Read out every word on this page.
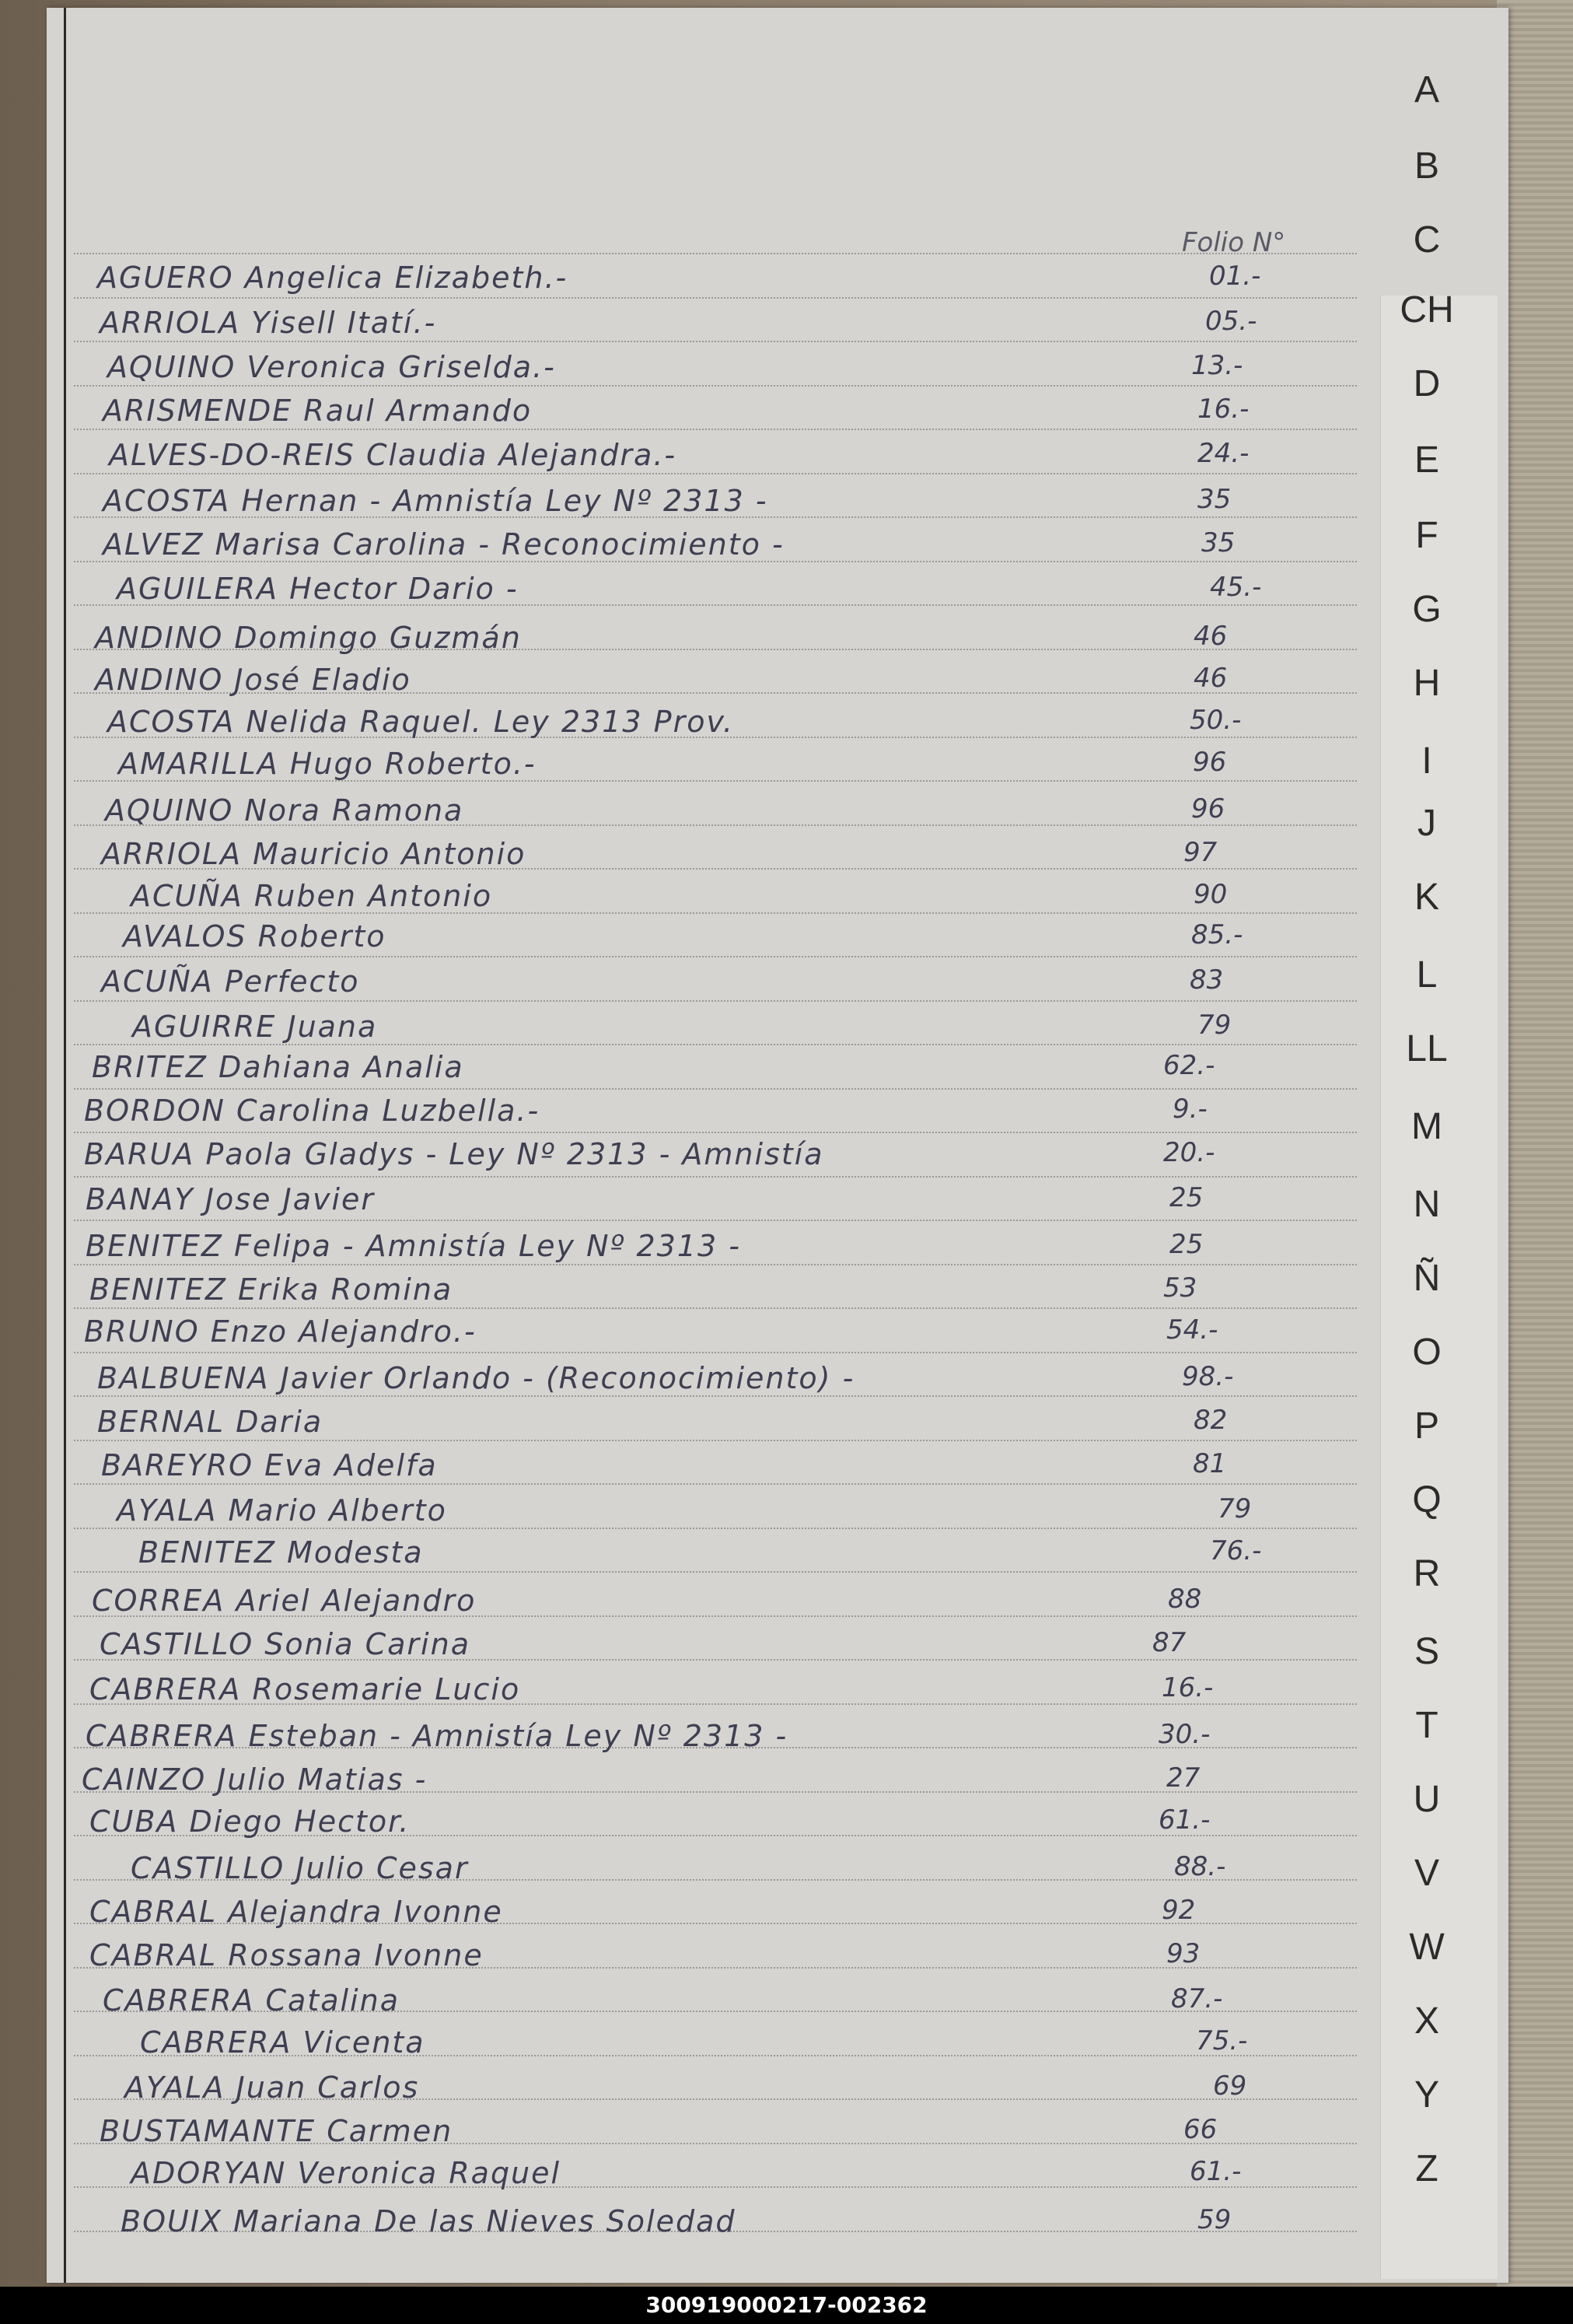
A
B
C
CH
D
E
F
G
H
I
J
K
L
LL
M
N
Ñ
O
P
Q
R
S
T
U
V
W
X
Y
Z
Folio N°
AGUERO Angelica Elizabeth.-	01.-
ARRIOLA Yisell Itatí.-	05.-
AQUINO Veronica Griselda.-	13.-
ARISMENDE Raul Armando	16.-
ALVES-DO-REIS Claudia Alejandra.-	24.-
ACOSTA Hernan - Amnistía Ley Nº 2313 -	35
ALVEZ Marisa Carolina - Reconocimiento -	35
AGUILERA Hector Dario -	45.-
ANDINO Domingo Guzmán	46
ANDINO José Eladio	46
ACOSTA Nelida Raquel. Ley 2313 Prov.	50.-
AMARILLA Hugo Roberto.-	96
AQUINO Nora Ramona	96
ARRIOLA Mauricio Antonio	97
ACUÑA Ruben Antonio	90
AVALOS Roberto	85.-
ACUÑA Perfecto	83
AGUIRRE Juana	79
BRITEZ Dahiana Analia	62.-
BORDON Carolina Luzbella.-	9.-
BARUA Paola Gladys - Ley Nº 2313 - Amnistía	20.-
BANAY Jose Javier	25
BENITEZ Felipa - Amnistía Ley Nº 2313 -	25
BENITEZ Erika Romina	53
BRUNO Enzo Alejandro.-	54.-
BALBUENA Javier Orlando - (Reconocimiento) -	98.-
BERNAL Daria	82
BAREYRO Eva Adelfa	81
AYALA Mario Alberto	79
BENITEZ Modesta	76.-
CORREA Ariel Alejandro	88
CASTILLO Sonia Carina	87
CABRERA Rosemarie Lucio	16.-
CABRERA Esteban - Amnistía Ley Nº 2313 -	30.-
CAINZO Julio Matias -	27
CUBA Diego Hector.	61.-
CASTILLO Julio Cesar	88.-
CABRAL Alejandra Ivonne	92
CABRAL Rossana Ivonne	93
CABRERA Catalina	87.-
CABRERA Vicenta	75.-
AYALA Juan Carlos	69
BUSTAMANTE Carmen	66
ADORYAN Veronica Raquel	61.-
BOUIX Mariana De las Nieves Soledad	59
300919000217-002362
